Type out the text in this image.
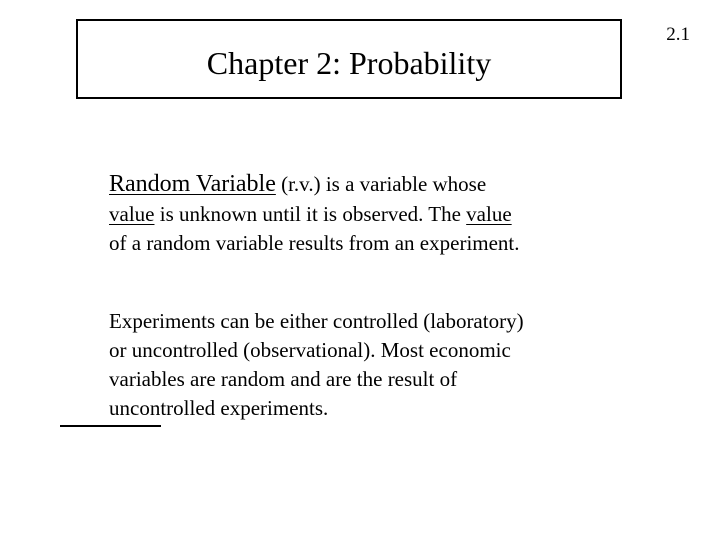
2.1
Chapter 2: Probability
Random Variable (r.v.) is a variable whose
value is unknown until it is observed. The value
of a random variable results from an experiment.
Experiments can be either controlled (laboratory)
or uncontrolled (observational). Most economic
variables are random and are the result of
uncontrolled experiments.
